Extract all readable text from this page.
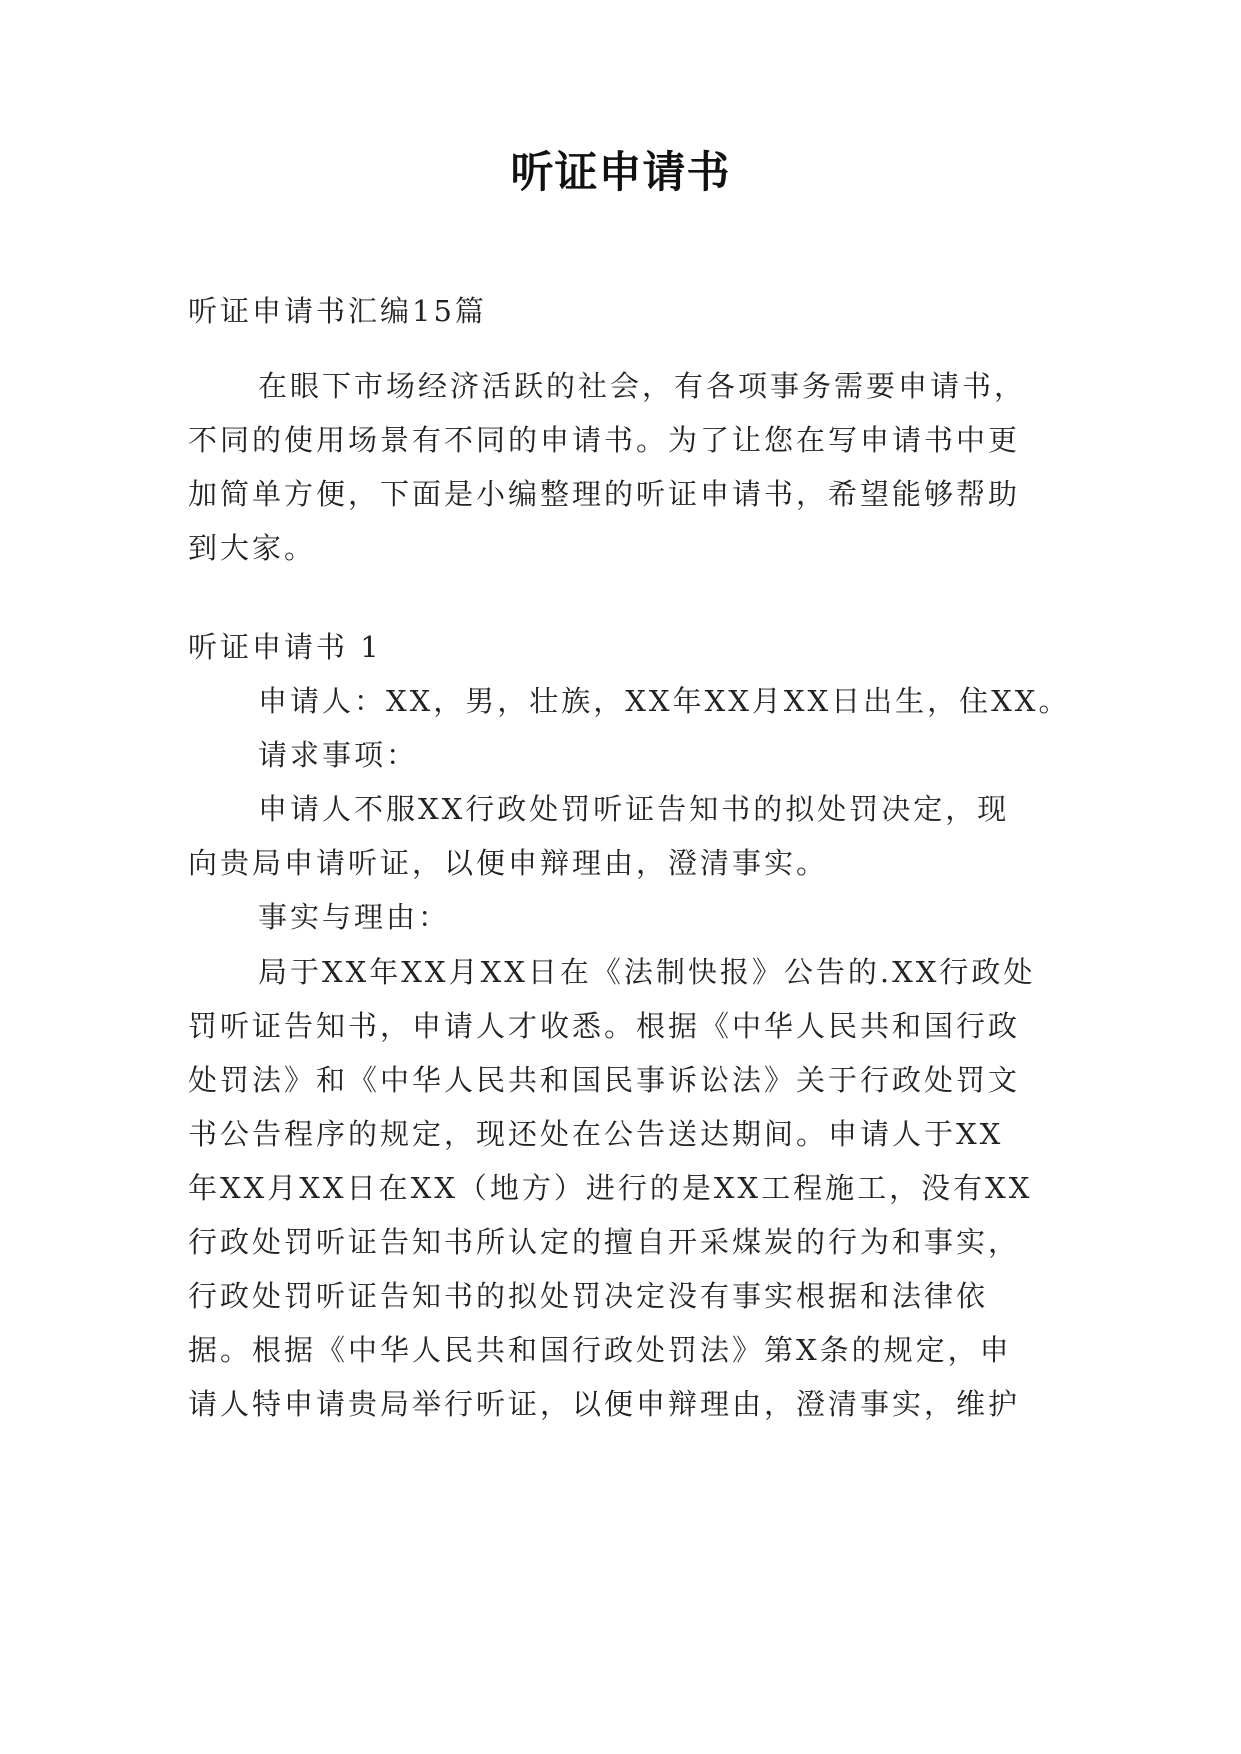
听证申请书
听证申请书汇编15篇
在眼下市场经济活跃的社会，有各项事务需要申请书，
不同的使用场景有不同的申请书。为了让您在写申请书中更
加简单方便，下面是小编整理的听证申请书，希望能够帮助
到大家。
听证申请书 1
申请人：XX，男，壮族，XX年XX月XX日出生，住XX。
请求事项：
申请人不服XX行政处罚听证告知书的拟处罚决定，现
向贵局申请听证，以便申辩理由，澄清事实。
事实与理由：
局于XX年XX月XX日在《法制快报》公告的.XX行政处
罚听证告知书，申请人才收悉。根据《中华人民共和国行政
处罚法》和《中华人民共和国民事诉讼法》关于行政处罚文
书公告程序的规定，现还处在公告送达期间。申请人于XX
年XX月XX日在XX（地方）进行的是XX工程施工，没有XX
行政处罚听证告知书所认定的擅自开采煤炭的行为和事实，
行政处罚听证告知书的拟处罚决定没有事实根据和法律依
据。根据《中华人民共和国行政处罚法》第X条的规定，申
请人特申请贵局举行听证，以便申辩理由，澄清事实，维护
